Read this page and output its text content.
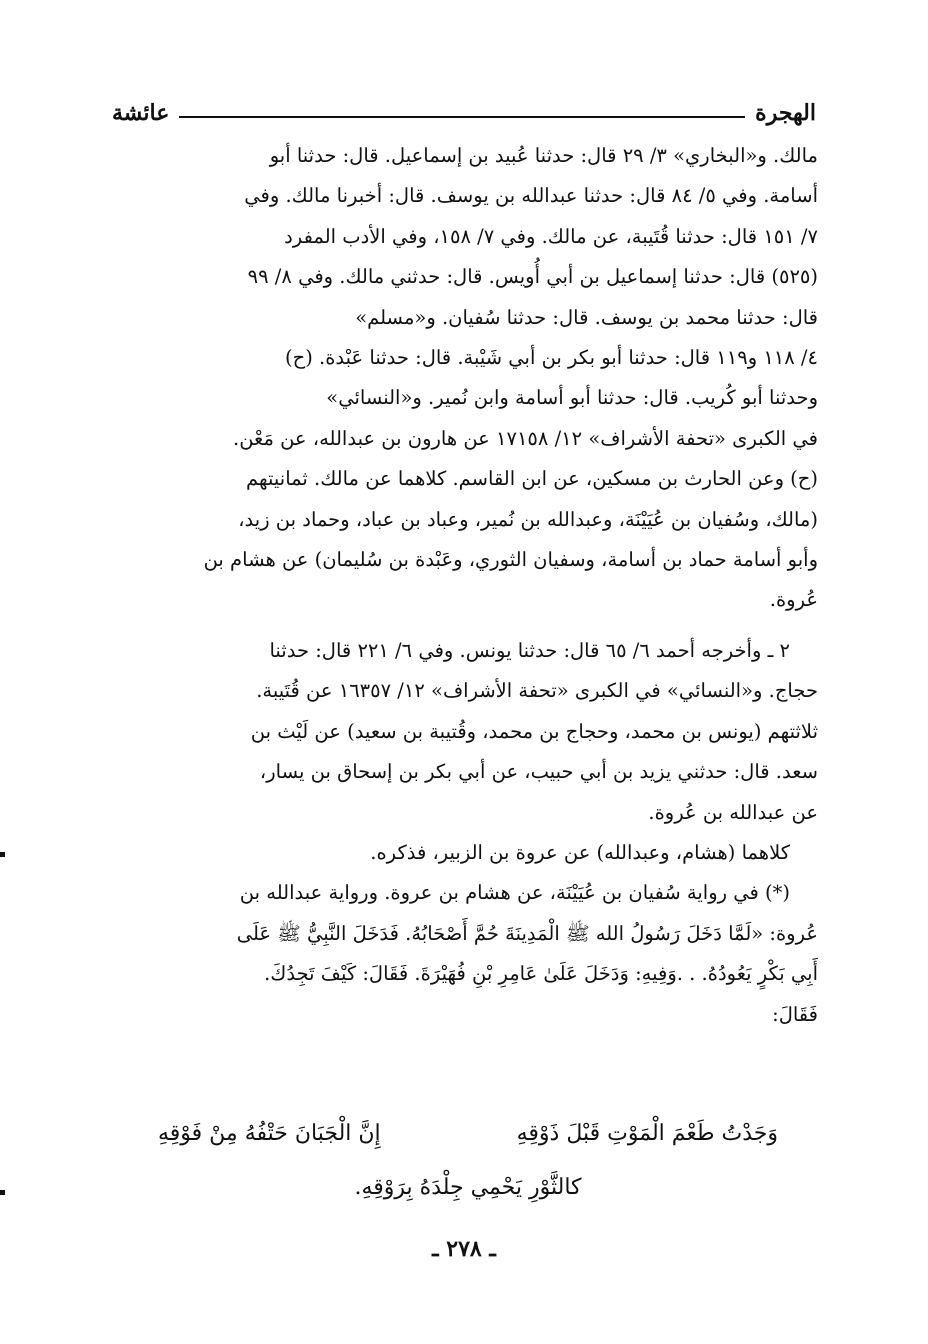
الهجرة
عائشة

مالك. و«البخاري» ٣/ ٢٩ قال: حدثنا عُبيد بن إسماعيل. قال: حدثنا أبو

أسامة. وفي ٥/ ٨٤ قال: حدثنا عبدالله بن يوسف. قال: أخبرنا مالك. وفي

٧/ ١٥١ قال: حدثنا قُتَيبة، عن مالك. وفي ٧/ ١٥٨، وفي الأدب المفرد

(٥٢٥) قال: حدثنا إسماعيل بن أبي أُويس. قال: حدثني مالك. وفي ٨/ ٩٩

قال: حدثنا محمد بن يوسف. قال: حدثنا سُفيان. و«مسلم»

٤/ ١١٨ و١١٩ قال: حدثنا أبو بكر بن أبي شَيْبة. قال: حدثنا عَبْدة. (ح)

وحدثنا أبو كُريب. قال: حدثنا أبو أسامة وابن نُمير. و«النسائي»

في الكبرى «تحفة الأشراف» ١٢/ ١٧١٥٨ عن هارون بن عبدالله، عن مَعْن.

(ح) وعن الحارث بن مسكين، عن ابن القاسم. كلاهما عن مالك. ثمانيتهم

(مالك، وسُفيان بن عُيَيْنَة، وعبدالله بن نُمير، وعباد بن عباد، وحماد بن زيد،

وأبو أسامة حماد بن أسامة، وسفيان الثوري، وعَبْدة بن سُليمان) عن هشام بن

عُروة.

٢ ـ وأخرجه أحمد ٦/ ٦٥ قال: حدثنا يونس. وفي ٦/ ٢٢١ قال: حدثنا

حجاج. و«النسائي» في الكبرى «تحفة الأشراف» ١٢/ ١٦٣٥٧ عن قُتَيبة.

ثلاثتهم (يونس بن محمد، وحجاج بن محمد، وقُتيبة بن سعيد) عن لَيْث بن

سعد. قال: حدثني يزيد بن أبي حبيب، عن أبي بكر بن إسحاق بن يسار،

عن عبدالله بن عُروة.

كلاهما (هشام، وعبدالله) عن عروة بن الزبير، فذكره.

(*) في رواية سُفيان بن عُيَيْنَة، عن هشام بن عروة. ورواية عبدالله بن

عُروة: «لَمَّا دَخَلَ رَسُولُ الله ﷺ الْمَدِينَةَ حُمَّ أَصْحَابُهُ. فَدَخَلَ النَّبِيُّ ﷺ عَلَى

أَبِي بَكْرٍ يَعُودُهُ. . .وَفِيهِ: وَدَخَلَ عَلَىٰ عَامِرِ بْنِ فُهَيْرَةَ. فَقَالَ: كَيْفَ تَجِدُكَ.

فَقَالَ:

وَجَدْتُ طَعْمَ الْمَوْتِ قَبْلَ ذَوْقِهِ
إِنَّ الْجَبَانَ حَتْفُهُ مِنْ فَوْقِهِ
كالثَّوْرِ يَحْمِي جِلْدَهُ بِرَوْقِهِ.
ـ ٢٧٨ ـ
